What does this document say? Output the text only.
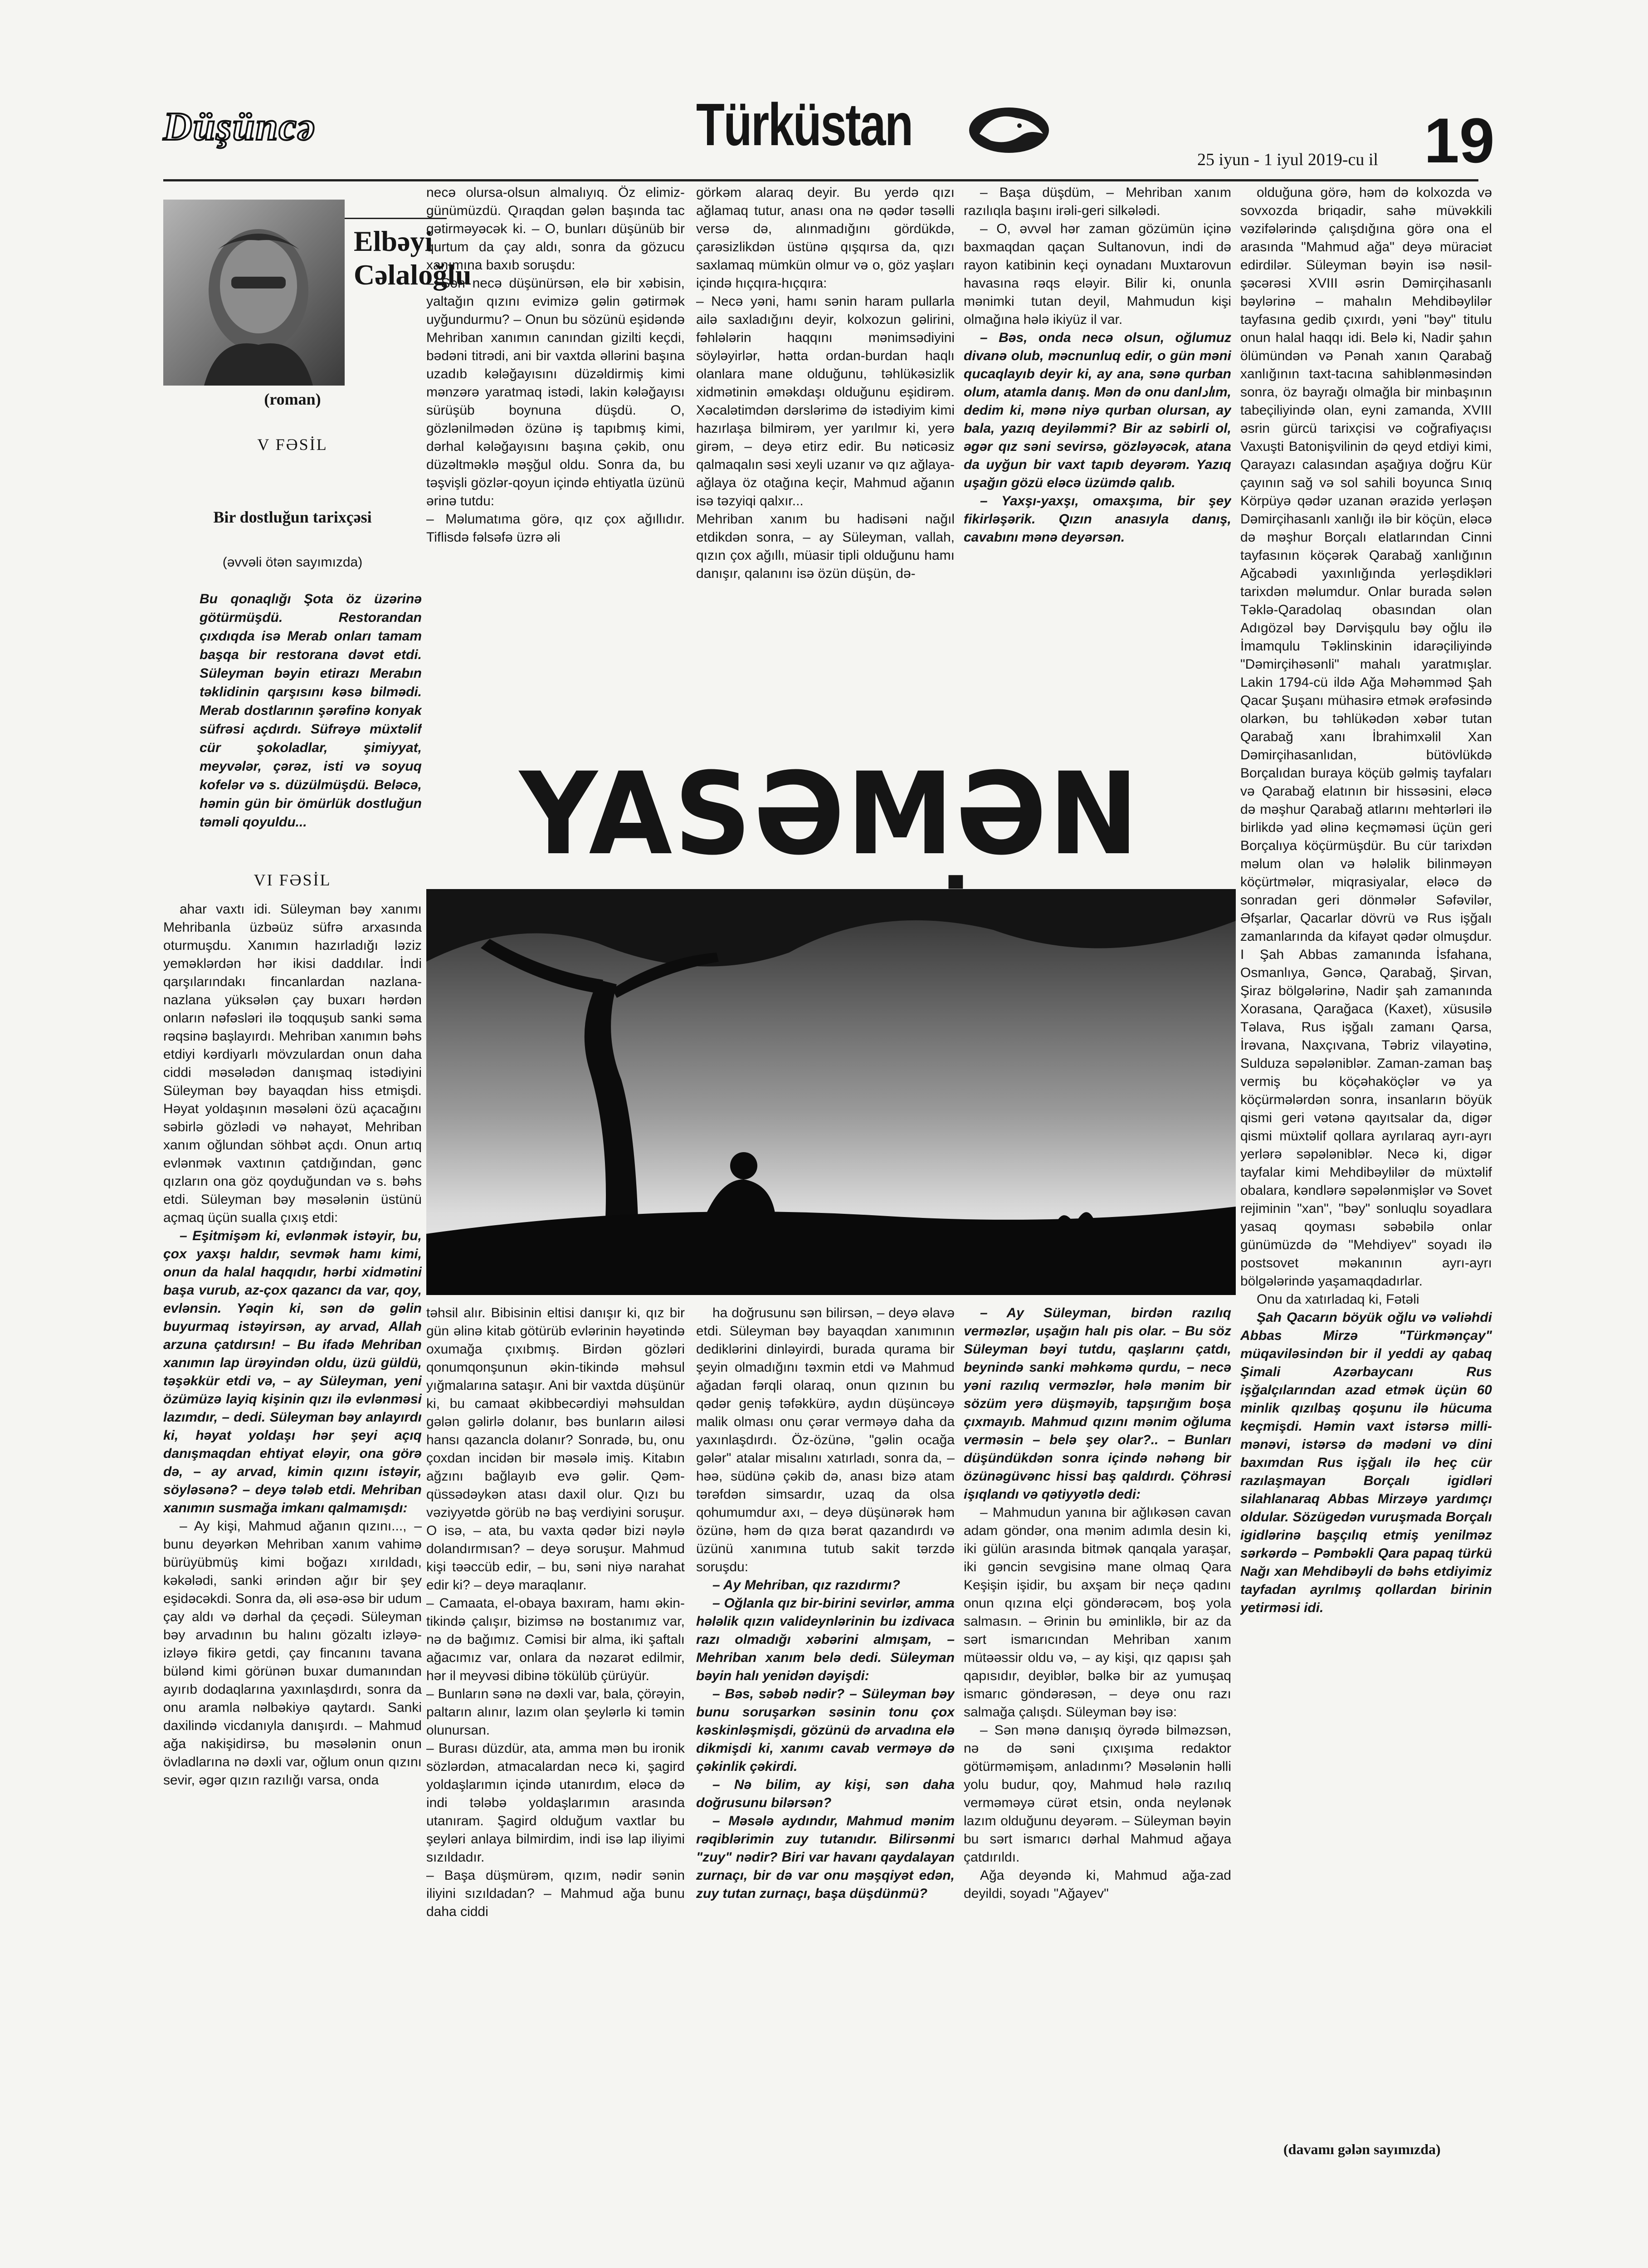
Düşüncə	Türküstan
25 iyun - 1 iyul 2019-cu il 19
Elbəyi
Cəlaloğlu
(roman)
V FƏSİL
Bir dostluğun tarixçəsi
(əvvəli ötən sayımızda)
Bu qonaqlığı Şota öz üzərinə götürmüşdü. Restorandan çıxdıqda isə Merab onları tamam başqa bir restorana dəvət etdi. Süleyman bəyin etirazı Merabın təklidinin qarşısını kəsə bilmədi. Merab dostlarının şərəfinə konyak süfrəsi açdırdı. Süfrəyə müxtəlif cür şokoladlar, şimiyyat, meyvələr, çərəz, isti və soyuq kofelər və s. düzülmüşdü. Beləcə, həmin gün bir ömürlük dostluğun təməli qoyuldu...
VI FƏSİL

ahar vaxtı idi. Süleyman bəy xanımı Mehribanla üzbəüz süfrə arxasında oturmuşdu. Xanımın hazırladığı ləziz yeməklərdən hər ikisi daddılar. İndi qarşılarındakı fincanlardan nazlana-nazlana yüksələn çay buxarı hərdən onların nəfəsləri ilə toqquşub sanki səma rəqsinə başlayırdı. Mehriban xanımın bəhs etdiyi kərdiyarlı mövzulardan onun daha ciddi məsələdən danışmaq istədiyini Süleyman bəy bayaqdan hiss etmişdi. Həyat yoldaşının məsələni özü açacağını səbirlə gözlədi və nəhayət, Mehriban xanım oğlundan söhbət açdı. Onun artıq evlənmək vaxtının çatdığından, gənc qızların ona göz qoyduğundan və s. bəhs etdi. Süleyman bəy məsələnin üstünü açmaq üçün sualla çıxış etdi:

– Eşitmişəm ki, evlənmək istəyir, bu, çox yaxşı haldır, sevmək hamı kimi, onun da halal haqqıdır, hərbi xidmətini başa vurub, az-çox qazancı da var, qoy, evlənsin. Yəqin ki, sən də gəlin buyurmaq istəyirsən, ay arvad, Allah arzuna çatdırsın! – Bu ifadə Mehriban xanımın lap ürəyindən oldu, üzü güldü, təşəkkür etdi və, – ay Süleyman, yeni özümüzə layiq kişinin qızı ilə evlənməsi lazımdır, – dedi. Süleyman bəy anlayırdı ki, həyat yoldaşı hər şeyi açıq danışmaqdan ehtiyat eləyir, ona görə də, – ay arvad, kimin qızını istəyir, söyləsənə? – deyə tələb etdi. Mehriban xanımın susmağa imkanı qalmamışdı:

– Ay kişi, Mahmud ağanın qızını..., – bunu deyərkən Mehriban xanım vahimə bürüyübmüş kimi boğazı xırıldadı, kəkələdi, sanki ərindən ağır bir şey eşidəcəkdi. Sonra da, əli əsə-əsə bir udum çay aldı və dərhal da çeçədi. Süleyman bəy arvadının bu halını gözaltı izləyə-izləyə fikirə getdi, çay fincanını tavana bülənd kimi görünən buxar dumanından ayırıb dodaqlarına yaxınlaşdırdı, sonra da onu aramla nəlbəkiyə qaytardı. Sanki daxilində vicdanıyla danışırdı. – Mahmud ağa nakişidirsə, bu məsələnin onun övladlarına nə dəxli var, oğlum onun qızını sevir, əgər qızın razılığı varsa, onda

necə olursa-olsun almalıyıq. Öz elimiz-günümüzdü. Qıraqdan gələn başında tac gətirməyəcək ki. – O, bunları düşünüb bir qurtum da çay aldı, sonra da gözucu xanımına baxıb soruşdu:
– Sən necə düşünürsən, elə bir xəbisin, yaltağın qızını evimizə gəlin gətirmək uyğundurmu? – Onun bu sözünü eşidəndə Mehriban xanımın canından gizilti keçdi, bədəni titrədi, ani bir vaxtda əllərini başına uzadıb kələğayısını düzəldirmiş kimi mənzərə yaratmaq istədi, lakin kələğayısı sürüşüb boynuna düşdü. O, gözlənilmədən özünə iş tapıbmış kimi, dərhal kələğayısını başına çəkib, onu düzəltməklə məşğul oldu. Sonra da, bu təşvişli gözlər-qoyun içində ehtiyatla üzünü ərinə tutdu:
– Məlumatıma görə, qız çox ağıllıdır. Tiflisdə fəlsəfə üzrə əli
görkəm alaraq deyir. Bu yerdə qızı ağlamaq tutur, anası ona nə qədər təsəlli versə də, alınmadığını gördükdə, çarəsizlikdən üstünə qışqırsa da, qızı saxlamaq mümkün olmur və o, göz yaşları içində hıçqıra-hıçqıra:
– Necə yəni, hamı sənin haram pullarla ailə saxladığını deyir, kolxozun gəlirini, fəhlələrin haqqını mənimsədiyini söyləyirlər, hətta ordan-burdan haqlı olanlara mane olduğunu, təhlükəsizlik xidmətinin əməkdaşı olduğunu eşidirəm. Xəcalətimdən dərslərimə də istədiyim kimi hazırlaşa bilmirəm, yer yarılmır ki, yerə girəm, – deyə etirz edir. Bu nəticəsiz qalmaqalın səsi xeyli uzanır və qız ağlaya-ağlaya öz otağına keçir, Mahmud ağanın isə təzyiqi qalxır...
Mehriban xanım bu hadisəni nağıl etdikdən sonra, – ay Süleyman, vallah, qızın çox ağıllı, müasir tipli olduğunu hamı danışır, qalanını isə özün düşün, də-

– Başa düşdüm, – Mehriban xanım razılıqla başını irəli-geri silkələdi.

– O, əvvəl hər zaman gözümün içinə baxmaqdan qaçan Sultanovun, indi də rayon katibinin keçi oynadanı Muxtarovun havasına rəqs eləyir. Bilir ki, onunla mənimki tutan deyil, Mahmudun kişi olmağına hələ ikiyüz il var.

– Bəs, onda necə olsun, oğlumuz divanə olub, məcnunluq edir, o gün məni qucaqlayıb deyir ki, ay ana, sənə qurban olum, atamla danış. Mən də onu danlادım, dedim ki, mənə niyə qurban olursan, ay bala, yazıq deyiləmmi? Bir az səbirli ol, əgər qız səni sevirsə, gözləyəcək, atana da uyğun bir vaxt tapıb deyərəm. Yazıq uşağın gözü eləcə üzümdə qalıb.

– Yaxşı-yaxşı, omaxşıma, bir şey fikirləşərik. Qızın anasıyla danış, cavabını mənə deyərsən.

YASƏMƏN
təhsil alır. Bibisinin eltisi danışır ki, qız bir gün əlinə kitab götürüb evlərinin həyətində oxumağa çıxıbmış. Birdən gözləri qonumqonşunun əkin-tikində məhsul yığmalarına sataşır. Ani bir vaxtda düşünür ki, bu camaat əkibbecərdiyi məhsuldan gələn gəlirlə dolanır, bəs bunların ailəsi hansı qazancla dolanır? Sonradə, bu, onu çoxdan incidən bir məsələ imiş. Kitabın ağzını bağlayıb evə gəlir. Qəm-qüssədəykən atası daxil olur. Qızı bu vəziyyətdə görüb nə baş verdiyini soruşur. O isə, – ata, bu vaxta qədər bizi nəylə dolandırmısan? – deyə soruşur. Mahmud kişi təəccüb edir, – bu, səni niyə narahat edir ki? – deyə maraqlanır.
– Camaata, el-obaya baxıram, hamı əkin-tikində çalışır, bizimsə nə bostanımız var, nə də bağımız. Cəmisi bir alma, iki şaftalı ağacımız var, onlara da nəzarət edilmir, hər il meyvəsi dibinə tökülüb çürüyür.
– Bunların sənə nə dəxli var, bala, çörəyin, paltarın alınır, lazım olan şeylərlə ki təmin olunursan.
– Burası düzdür, ata, amma mən bu ironik sözlərdən, atmacalardan necə ki, şagird yoldaşlarımın içində utanırdım, eləcə də indi tələbə yoldaşlarımın arasında utanıram. Şagird olduğum vaxtlar bu şeyləri anlaya bilmirdim, indi isə lap iliyimi sızıldadır.
– Başa düşmürəm, qızım, nədir sənin iliyini sızıldadan? – Mahmud ağa bunu daha ciddi

ha doğrusunu sən bilirsən, – deyə əlavə etdi. Süleyman bəy bayaqdan xanımının dediklərini dinləyirdi, burada qurama bir şeyin olmadığını təxmin etdi və Mahmud ağadan fərqli olaraq, onun qızının bu qədər geniş təfəkkürə, aydın düşüncəyə malik olması onu çərar verməyə daha da yaxınlaşdırdı. Öz-özünə, "gəlin ocağa gələr" atalar misalını xatırladı, sonra da, – həə, südünə çəkib də, anası bizə atam tərəfdən simsardır, uzaq da olsa qohumumdur axı, – deyə düşünərək həm özünə, həm də qıza bərat qazandırdı və üzünü xanımına tutub sakit tərzdə soruşdu:

– Ay Mehriban, qız razıdırmı?

– Oğlanla qız bir-birini sevirlər, amma hələlik qızın validеynlərinin bu izdivaca razı olmadığı xəbərini almışam, – Mehriban xanım belə dedi. Süleyman bəyin halı yenidən dəyişdi:

– Bəs, səbəb nədir? – Süleyman bəy bunu soruşarkən səsinin tonu çox kəskinləşmişdi, gözünü də arvadına elə dikmişdi ki, xanımı cavab verməyə də çəkinlik çəkirdi.

– Nə bilim, ay kişi, sən daha doğrusunu bilərsən?

– Məsələ aydındır, Mahmud mənim rəqiblərimin zuy tutanıdır. Bilirsənmi "zuy" nədir? Biri var havanı qaydalayan zurnaçı, bir də var onu məşqiyət edən, zuy tutan zurnaçı, başa düşdünmü?

– Ay Süleyman, birdən razılıq verməzlər, uşağın halı pis olar. – Bu söz Süleyman bəyi tutdu, qaşlarını çatdı, beynində sanki məhkəmə qurdu, – necə yəni razılıq verməzlər, hələ mənim bir sözüm yerə düşməyib, tapşırığım boşa çıxmayıb. Mahmud qızını mənim oğluma verməsin – belə şey olar?.. – Bunları düşündükdən sonra içində nəhəng bir özünəgüvənc hissi baş qaldırdı. Çöhrəsi işıqlandı və qətiyyətlə dedi:

– Mahmudun yanına bir ağlıkəsən cavan adam göndər, ona mənim adımla desin ki, iki gülün arasında bitmək qanqala yaraşar, iki gəncin sevgisinə mane olmaq Qara Keşişin işidir, bu axşam bir neçə qadını onun qızına elçi göndərəcəm, boş yola salmasın. – Ərinin bu əminliklə, bir az da sərt ismarıcından Mehriban xanım mütəəssir oldu və, – ay kişi, qız qapısı şah qapısıdır, deyiblər, bəlkə bir az yumuşaq ismarıc göndərəsən, – deyə onu razı salmağa çalışdı. Süleyman bəy isə:

– Sən mənə danışıq öyrədə bilməzsən, nə də səni çıxışıma redaktor götürməmişəm, anladınmı? Məsələnin həlli yolu budur, qoy, Mahmud hələ razılıq verməməyə cürət etsin, onda neylənək lazım olduğunu deyərəm. – Süleyman bəyin bu sərt ismarıcı dərhal Mahmud ağaya çatdırıldı.

Ağa deyəndə ki, Mahmud ağa-zad deyildi, soyadı "Ağayev"

olduğuna görə, həm də kolxozda və sovxozda briqadir, sahə müvəkkili vəzifələrində çalışdığına görə ona el arasında "Mahmud ağa" deyə müraciət edirdilər. Süleyman bəyin isə nəsil-şəcərəsi XVIII əsrin Dəmirçihasanlı bəylərinə – mahalın Mehdibəylilər tayfasına gedib çıxırdı, yəni "bəy" titulu onun halal haqqı idi. Belə ki, Nadir şahın ölümündən və Pənah xanın Qarabağ xanlığının taxt-tacına sahiblənməsindən sonra, öz bayrağı olmağla bir minbaşının tabeçiliyində olan, eyni zamanda, XVIII əsrin gürcü tarixçisi və coğrafiyaçısı Vaxuşti Batonişvilinin də qeyd etdiyi kimi, Qarayazı calasından aşağıya doğru Kür çayının sağ və sol sahili boyunca Sınıq Körpüyə qədər uzanan ərazidə yerləşən Dəmirçihasanlı xanlığı ilə bir köçün, eləcə də məşhur Borçalı elatlarından Cinni tayfasının köçərək Qarabağ xanlığının Ağcabədi yaxınlığında yerləşdikləri tarixdən məlumdur. Onlar burada sələn Təklə-Qaradolaq obasından olan Adıgözəl bəy Dərvişqulu bəy oğlu ilə İmamqulu Təklinskinin idarəçiliyində "Dəmirçihəsənli" mahalı yaratmışlar. Lakin 1794-cü ildə Ağa Məhəmməd Şah Qacar Şuşanı mühasirə etmək ərəfəsində olarkən, bu təhlükədən xəbər tutan Qarabağ xanı İbrahimxəlil Xan Dəmirçihasanlıdan, bütövlükdə Borçalıdan buraya köçüb gəlmiş tayfaları və Qarabağ elatının bir hissəsini, eləcə də məşhur Qarabağ atlarını mehtərləri ilə birlikdə yad əlinə keçməməsi üçün geri Borçalıya köçürmüşdür. Bu cür tarixdən məlum olan və hələlik bilinməyən köçürtmələr, miqrasiyalar, eləcə də sonradan geri dönmələr Səfəvilər, Əfşarlar, Qacarlar dövrü və Rus işğalı zamanlarında da kifayət qədər olmuşdur. I Şah Abbas zamanında İsfahana, Osmanlıya, Gəncə, Qarabağ, Şirvan, Şiraz bölgələrinə, Nadir şah zamanında Xorasana, Qarağaca (Kaxet), xüsusilə Təlava, Rus işğalı zamanı Qarsa, İrəvana, Naxçıvana, Təbriz vilayətinə, Sulduza səpələniblər. Zaman-zaman baş vermiş bu köçəhaköçlər və ya köçürmələrdən sonra, insanların böyük qismi geri vətənə qayıtsalar da, digər qismi müxtəlif qollara ayrılaraq ayrı-ayrı yerlərə səpələniblər. Necə ki, digər tayfalar kimi Mehdibəylilər də müxtəlif obalara, kəndlərə səpələnmişlər və Sovet rejiminin "xan", "bəy" sonluqlu soyadlara yasaq qoyması səbəbilə onlar günümüzdə də "Mehdiyev" soyadı ilə postsovet məkanının ayrı-ayrı bölgələrində yaşamaqdadırlar.

Onu da xatırladaq ki, Fətəli

Şah Qacarın böyük oğlu və vəliəhdi Abbas Mirzə "Türkmənçay" müqaviləsindən bir il yeddi ay qabaq Şimali Azərbaycanı Rus işğalçılarından azad etmək üçün 60 minlik qızılbaş qoşunu ilə hücuma keçmişdi. Həmin vaxt istərsə milli-mənəvi, istərsə də mədəni və dini baxımdan Rus işğalı ilə heç cür razılaşmayan Borçalı igidləri silahlanaraq Abbas Mirzəyə yardımçı oldular. Sözügedən vuruşmada Borçalı igidlərinə başçılıq etmiş yenilməz sərkərdə – Pəmbəkli Qara papaq türkü Nağı xan Mehdibəyli də bəhs etdiyimiz tayfadan ayrılmış qollardan birinin yetirməsi idi.

(davamı gələn sayımızda)
